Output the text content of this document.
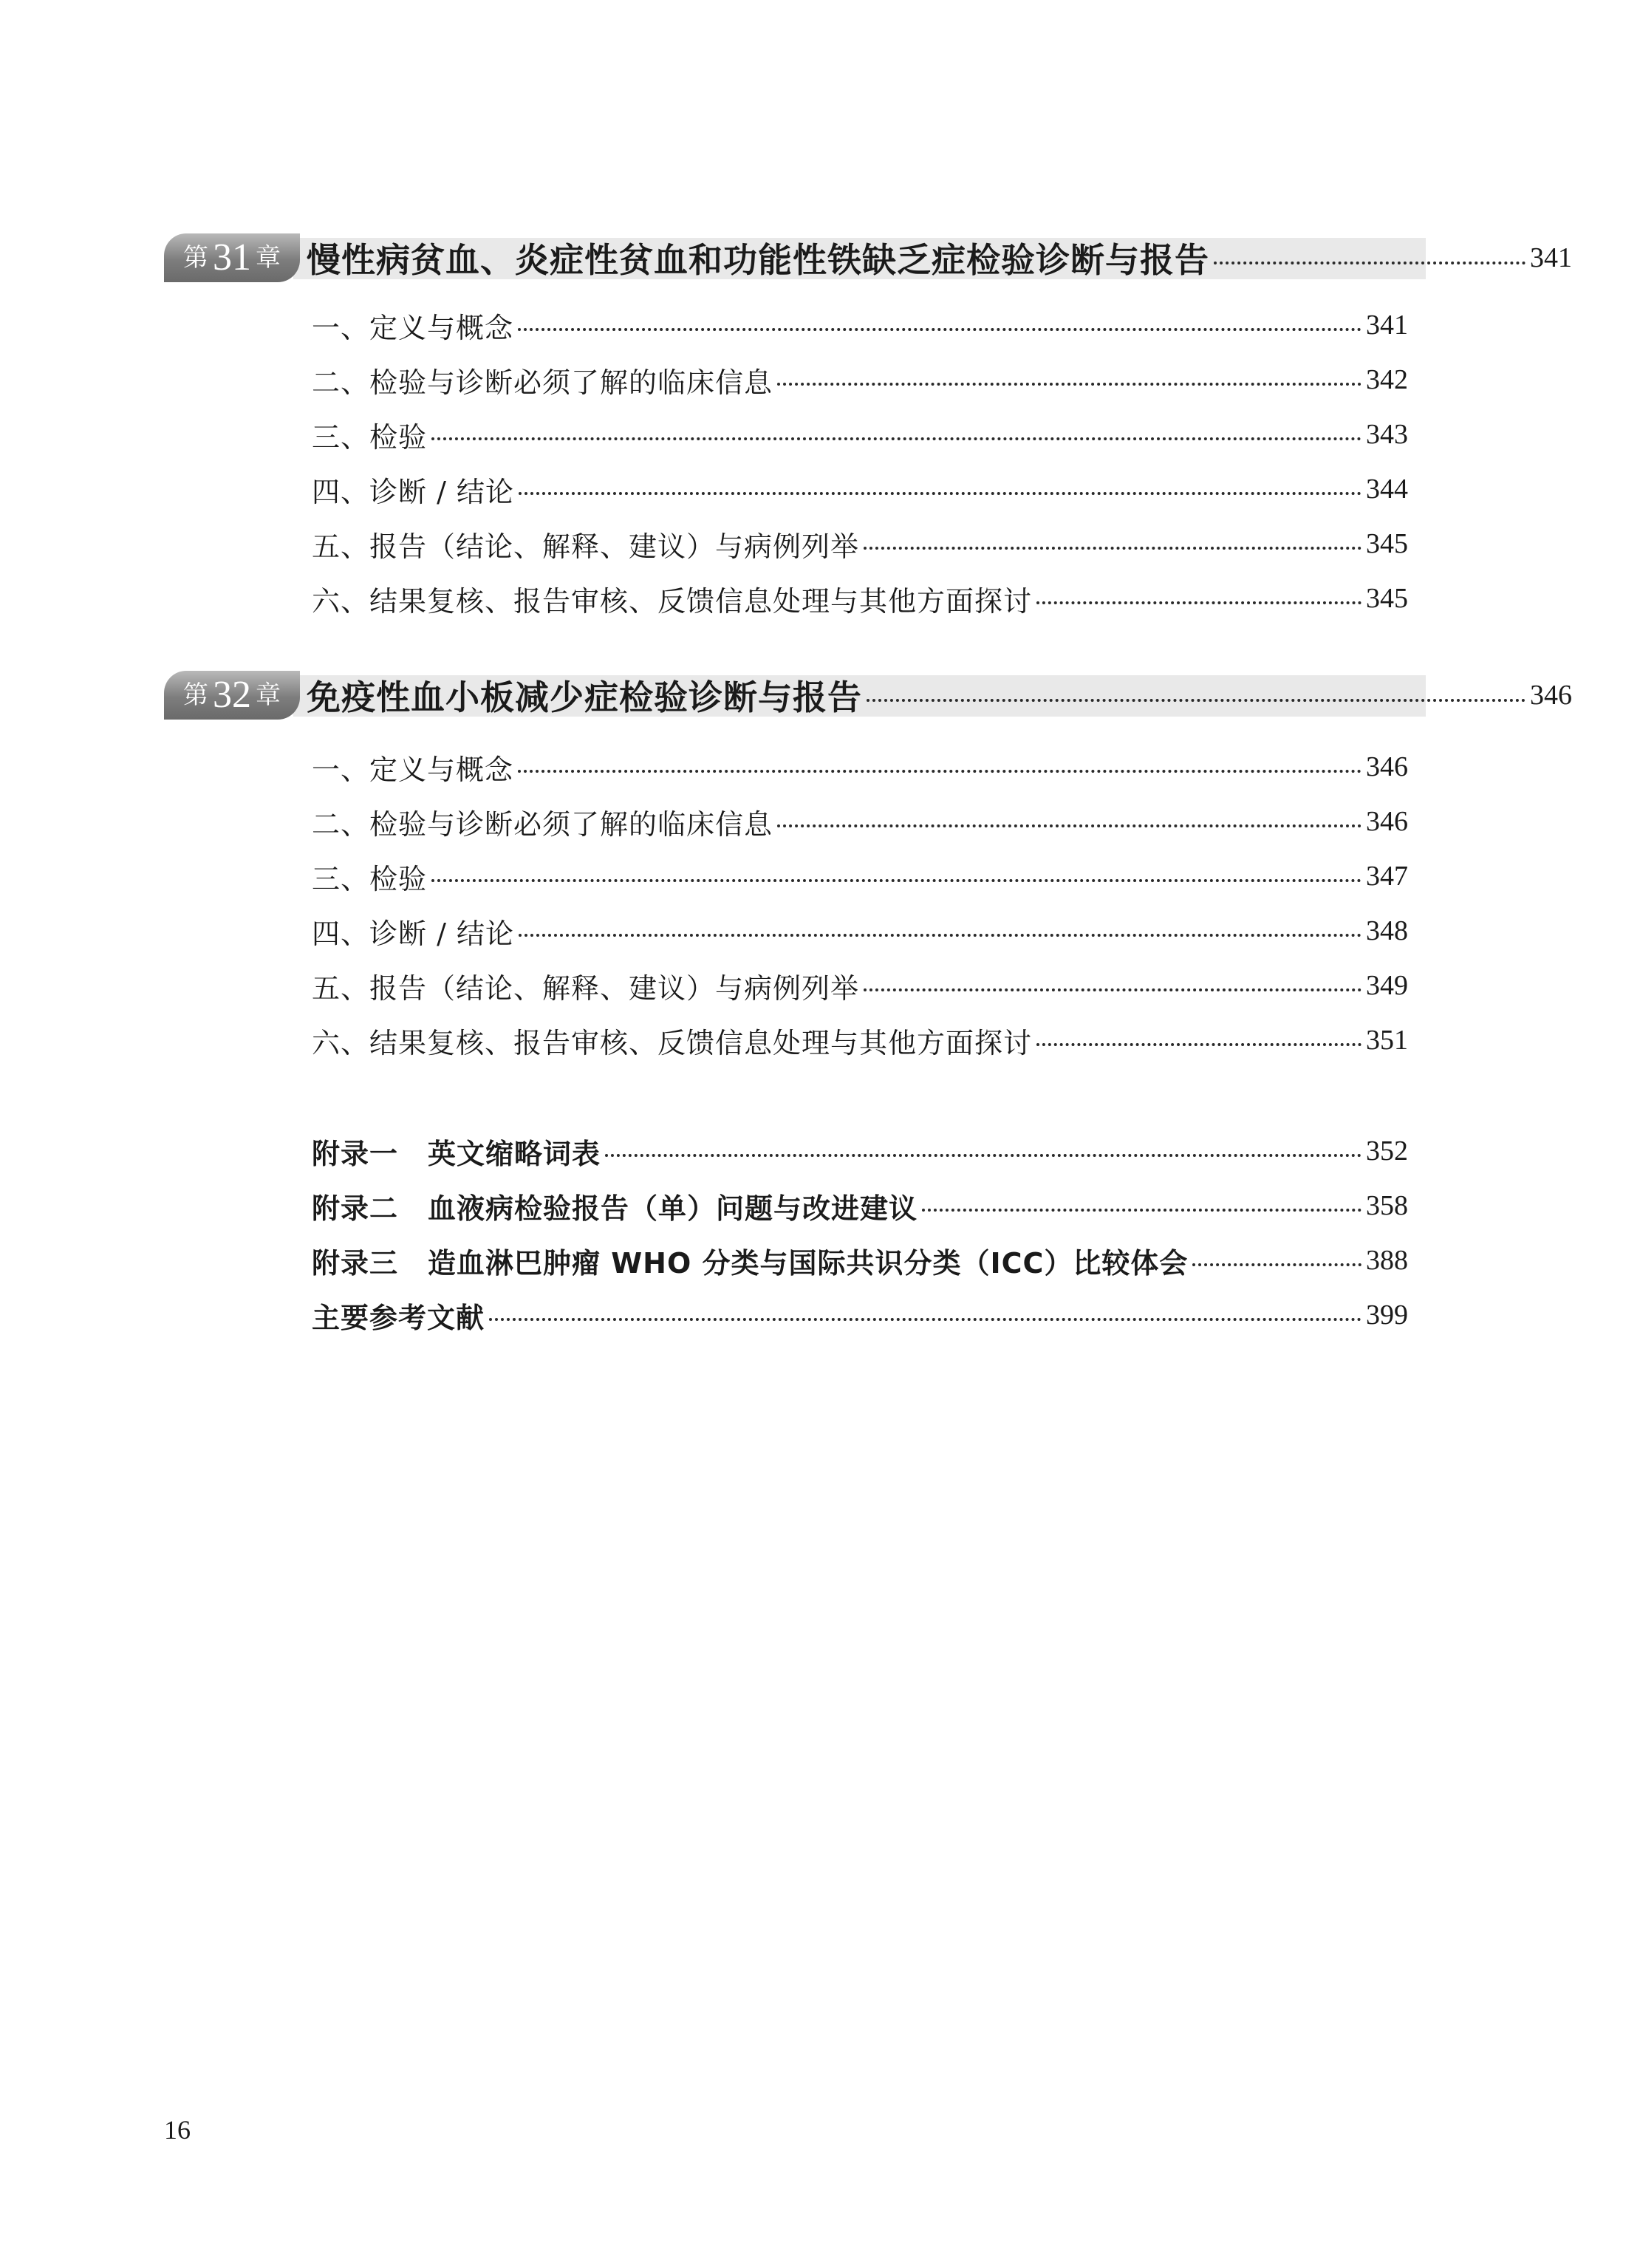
第 31 章 慢性病贫血、炎症性贫血和功能性铁缺乏症检验诊断与报告	341
一、定义与概念	341
二、检验与诊断必须了解的临床信息	342
三、检验	343
四、诊断 / 结论	344
五、报告（结论、解释、建议）与病例列举	345
六、结果复核、报告审核、反馈信息处理与其他方面探讨	345
第 32 章 免疫性血小板减少症检验诊断与报告	346
一、定义与概念	346
二、检验与诊断必须了解的临床信息	346
三、检验	347
四、诊断 / 结论	348
五、报告（结论、解释、建议）与病例列举	349
六、结果复核、报告审核、反馈信息处理与其他方面探讨	351
附录一 英文缩略词表	352
附录二 血液病检验报告（单）问题与改进建议	358
附录三 造血淋巴肿瘤 WHO 分类与国际共识分类（ICC）比较体会	388
主要参考文献	399
16
